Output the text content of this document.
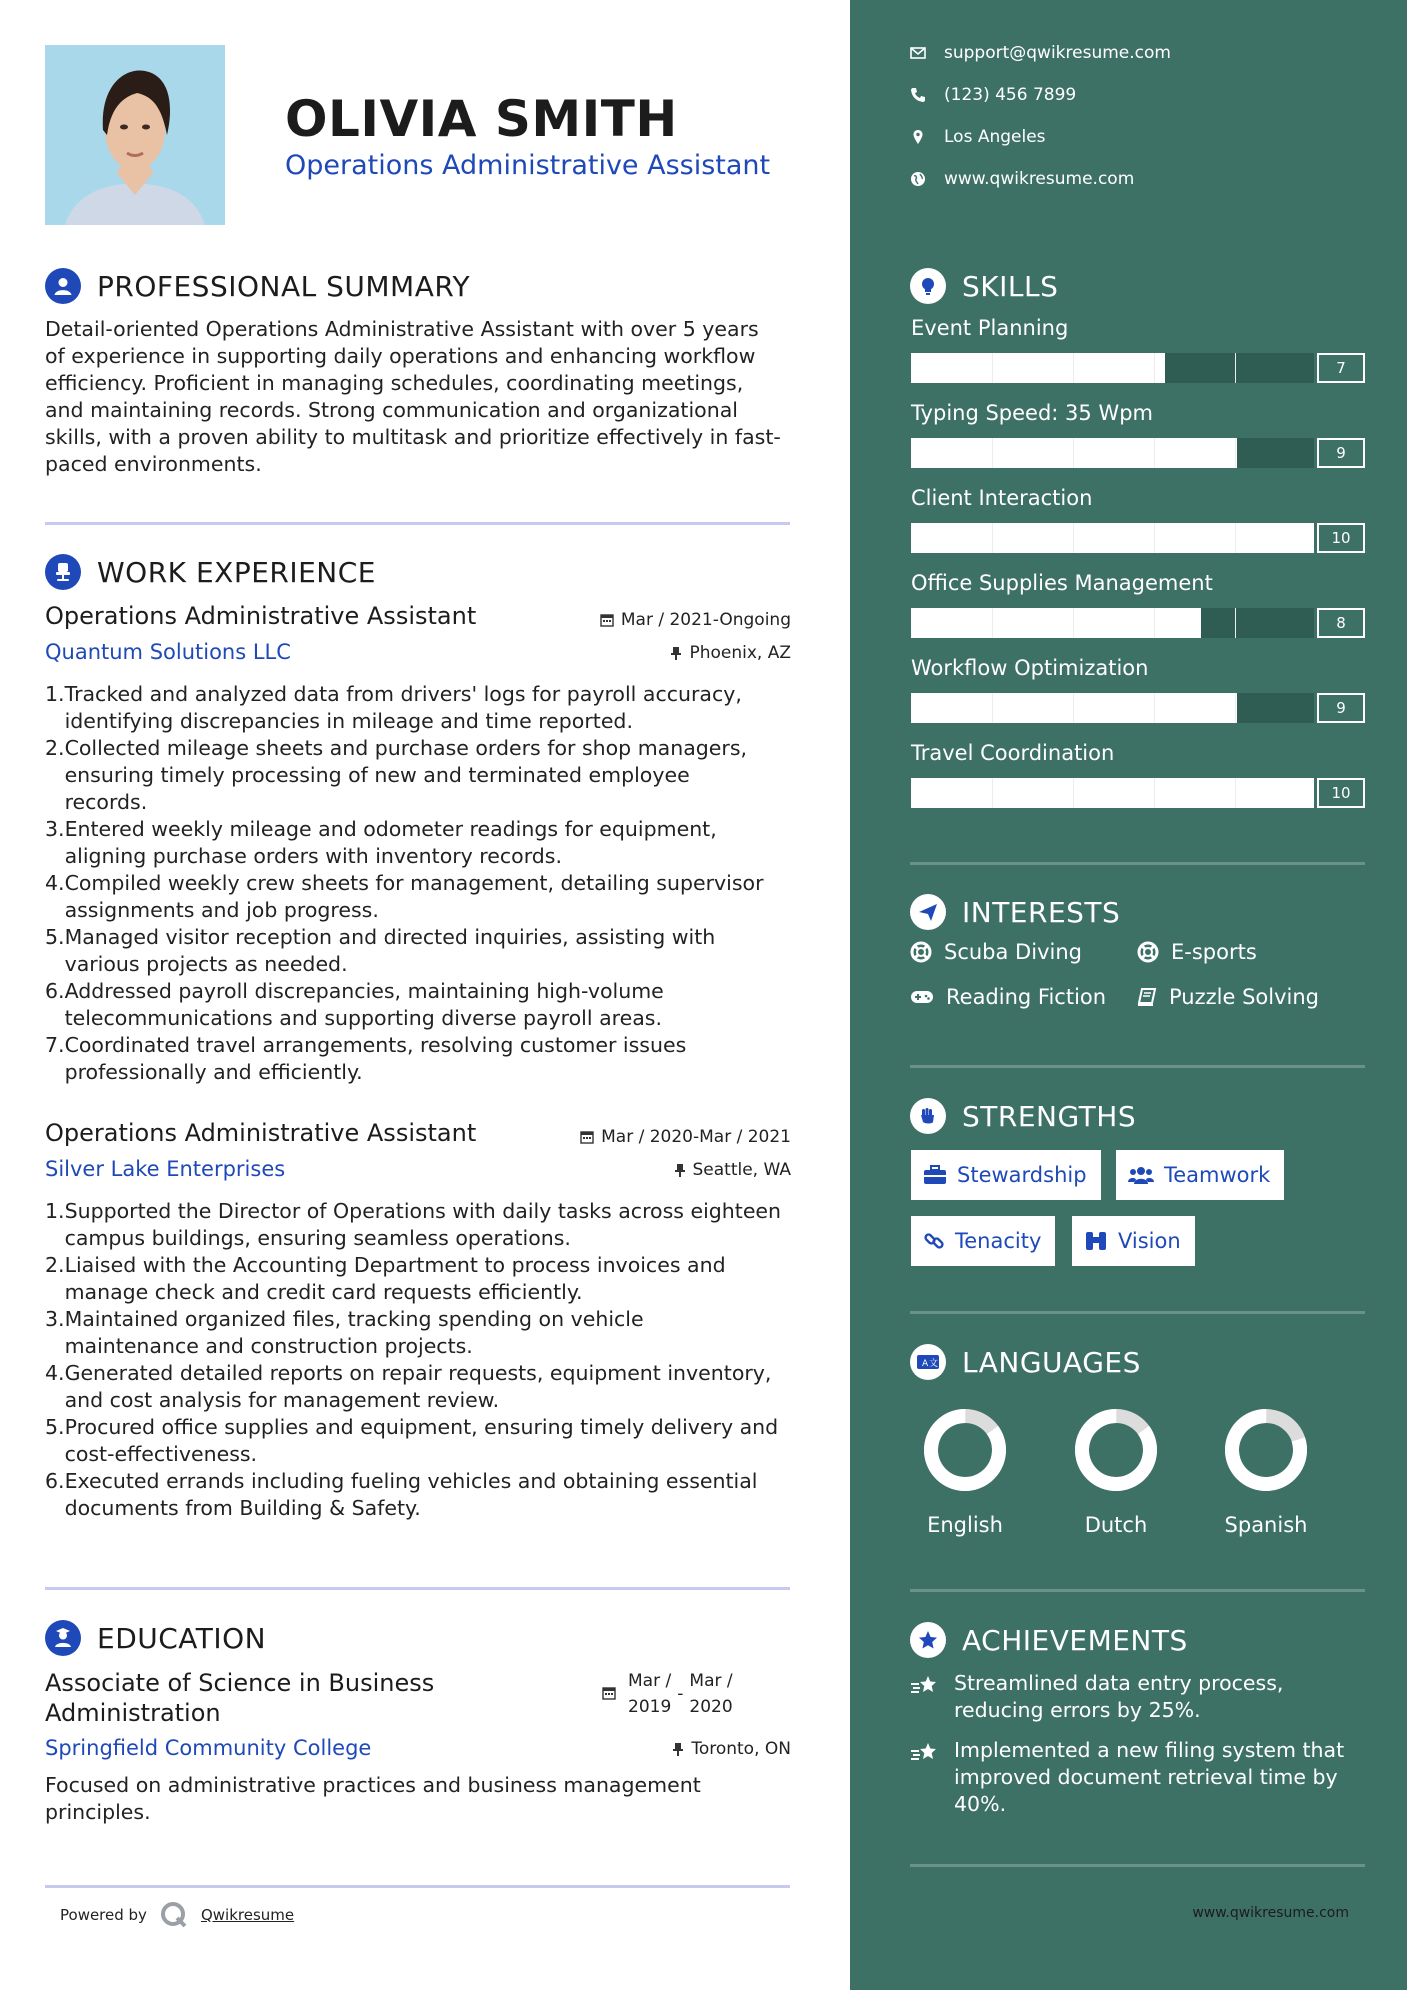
OLIVIA SMITH
Operations Administrative Assistant
PROFESSIONAL SUMMARY
Detail-oriented Operations Administrative Assistant with over 5 years
of experience in supporting daily operations and enhancing workflow
efficiency. Proficient in managing schedules, coordinating meetings,
and maintaining records. Strong communication and organizational
skills, with a proven ability to multitask and prioritize effectively in fast-
paced environments.
WORK EXPERIENCE
Operations Administrative Assistant	Mar / 2021-Ongoing
Quantum Solutions LLC	Phoenix, AZ
1. Tracked and analyzed data from drivers' logs for payroll accuracy,
identifying discrepancies in mileage and time reported.
2. Collected mileage sheets and purchase orders for shop managers,
ensuring timely processing of new and terminated employee
records.
3. Entered weekly mileage and odometer readings for equipment,
aligning purchase orders with inventory records.
4. Compiled weekly crew sheets for management, detailing supervisor
assignments and job progress.
5. Managed visitor reception and directed inquiries, assisting with
various projects as needed.
6. Addressed payroll discrepancies, maintaining high-volume
telecommunications and supporting diverse payroll areas.
7. Coordinated travel arrangements, resolving customer issues
professionally and efficiently.
Operations Administrative Assistant	Mar / 2020-Mar / 2021
Silver Lake Enterprises	Seattle, WA
1. Supported the Director of Operations with daily tasks across eighteen
campus buildings, ensuring seamless operations.
2. Liaised with the Accounting Department to process invoices and
manage check and credit card requests efficiently.
3. Maintained organized files, tracking spending on vehicle
maintenance and construction projects.
4. Generated detailed reports on repair requests, equipment inventory,
and cost analysis for management review.
5. Procured office supplies and equipment, ensuring timely delivery and
cost-effectiveness.
6. Executed errands including fueling vehicles and obtaining essential
documents from Building & Safety.
EDUCATION
Associate of Science in Business
Administration
Mar /
2019
-
Mar /
2020
Springfield Community College	Toronto, ON
Focused on administrative practices and business management
principles.
Powered by	Qwikresume
support@qwikresume.com
(123) 456 7899
Los Angeles
www.qwikresume.com
SKILLS
Event Planning
7
Typing Speed: 35 Wpm
9
Client Interaction
10
Office Supplies Management
8
Workflow Optimization
9
Travel Coordination
10
INTERESTS
Scuba Diving	E-sports
Reading Fiction	Puzzle Solving
STRENGTHS
Stewardship	Teamwork
Tenacity	Vision
A 文 LANGUAGES
English	Dutch	Spanish
ACHIEVEMENTS
Streamlined data entry process,
reducing errors by 25%.
Implemented a new filing system that
improved document retrieval time by
40%.
www.qwikresume.com
